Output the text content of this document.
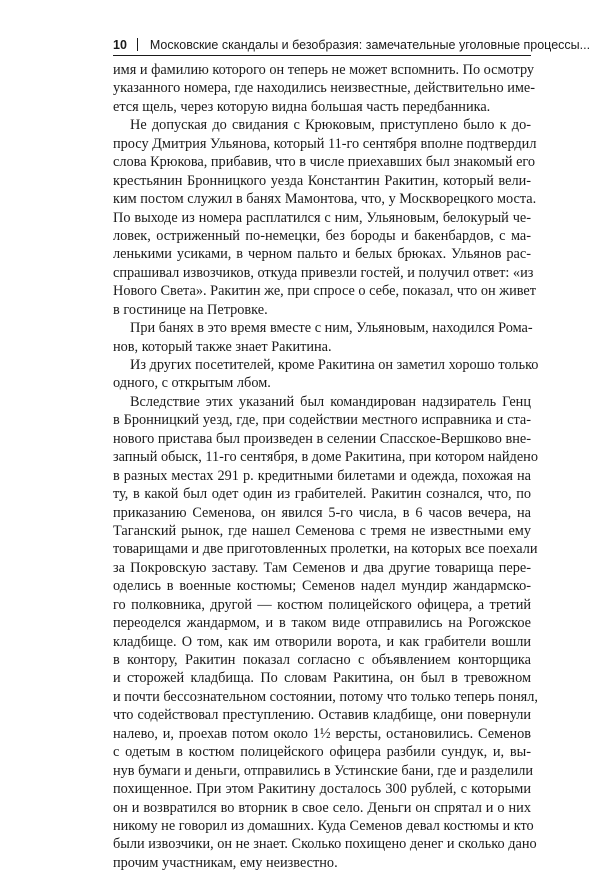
10 Московские скандалы и безобразия: замечательные уголовные процессы...
имя и фамилию которого он теперь не может вспомнить. По осмотру
указанного номера, где находились неизвестные, действительно име-
ется щель, через которую видна большая часть передбанника.
Не допуская до свидания с Крюковым, приступлено было к до-
просу Дмитрия Ульянова, который 11-го сентября вполне подтвердил
слова Крюкова, прибавив, что в числе приехавших был знакомый его
крестьянин Бронницкого уезда Константин Ракитин, который вели-
ким постом служил в банях Мамонтова, что, у Москворецкого моста.
По выходе из номера расплатился с ним, Ульяновым, белокурый че-
ловек, остриженный по-немецки, без бороды и бакенбардов, с ма-
ленькими усиками, в черном пальто и белых брюках. Ульянов рас-
спрашивал извозчиков, откуда привезли гостей, и получил ответ: «из
Нового Света». Ракитин же, при спросе о себе, показал, что он живет
в гостинице на Петровке.
При банях в это время вместе с ним, Ульяновым, находился Рома-
нов, который также знает Ракитина.
Из других посетителей, кроме Ракитина он заметил хорошо только
одного, с открытым лбом.
Вследствие этих указаний был командирован надзиратель Генц
в Бронницкий уезд, где, при содействии местного исправника и ста-
нового пристава был произведен в селении Спасское-Вершково вне-
запный обыск, 11-го сентября, в доме Ракитина, при котором найдено
в разных местах 291 р. кредитными билетами и одежда, похожая на
ту, в какой был одет один из грабителей. Ракитин сознался, что, по
приказанию Семенова, он явился 5-го числа, в 6 часов вечера, на
Таганский рынок, где нашел Семенова с тремя не известными ему
товарищами и две приготовленных пролетки, на которых все поехали
за Покровскую заставу. Там Семенов и два другие товарища пере-
оделись в военные костюмы; Семенов надел мундир жандармско-
го полковника, другой — костюм полицейского офицера, а третий
переоделся жандармом, и в таком виде отправились на Рогожское
кладбище. О том, как им отворили ворота, и как грабители вошли
в контору, Ракитин показал согласно с объявлением конторщика
и сторожей кладбища. По словам Ракитина, он был в тревожном
и почти бессознательном состоянии, потому что только теперь понял,
что содействовал преступлению. Оставив кладбище, они повернули
налево, и, проехав потом около 1½ версты, остановились. Семенов
с одетым в костюм полицейского офицера разбили сундук, и, вы-
нув бумаги и деньги, отправились в Устинские бани, где и разделили
похищенное. При этом Ракитину досталось 300 рублей, с которыми
он и возвратился во вторник в свое село. Деньги он спрятал и о них
никому не говорил из домашних. Куда Семенов девал костюмы и кто
были извозчики, он не знает. Сколько похищено денег и сколько дано
прочим участникам, ему неизвестно.
